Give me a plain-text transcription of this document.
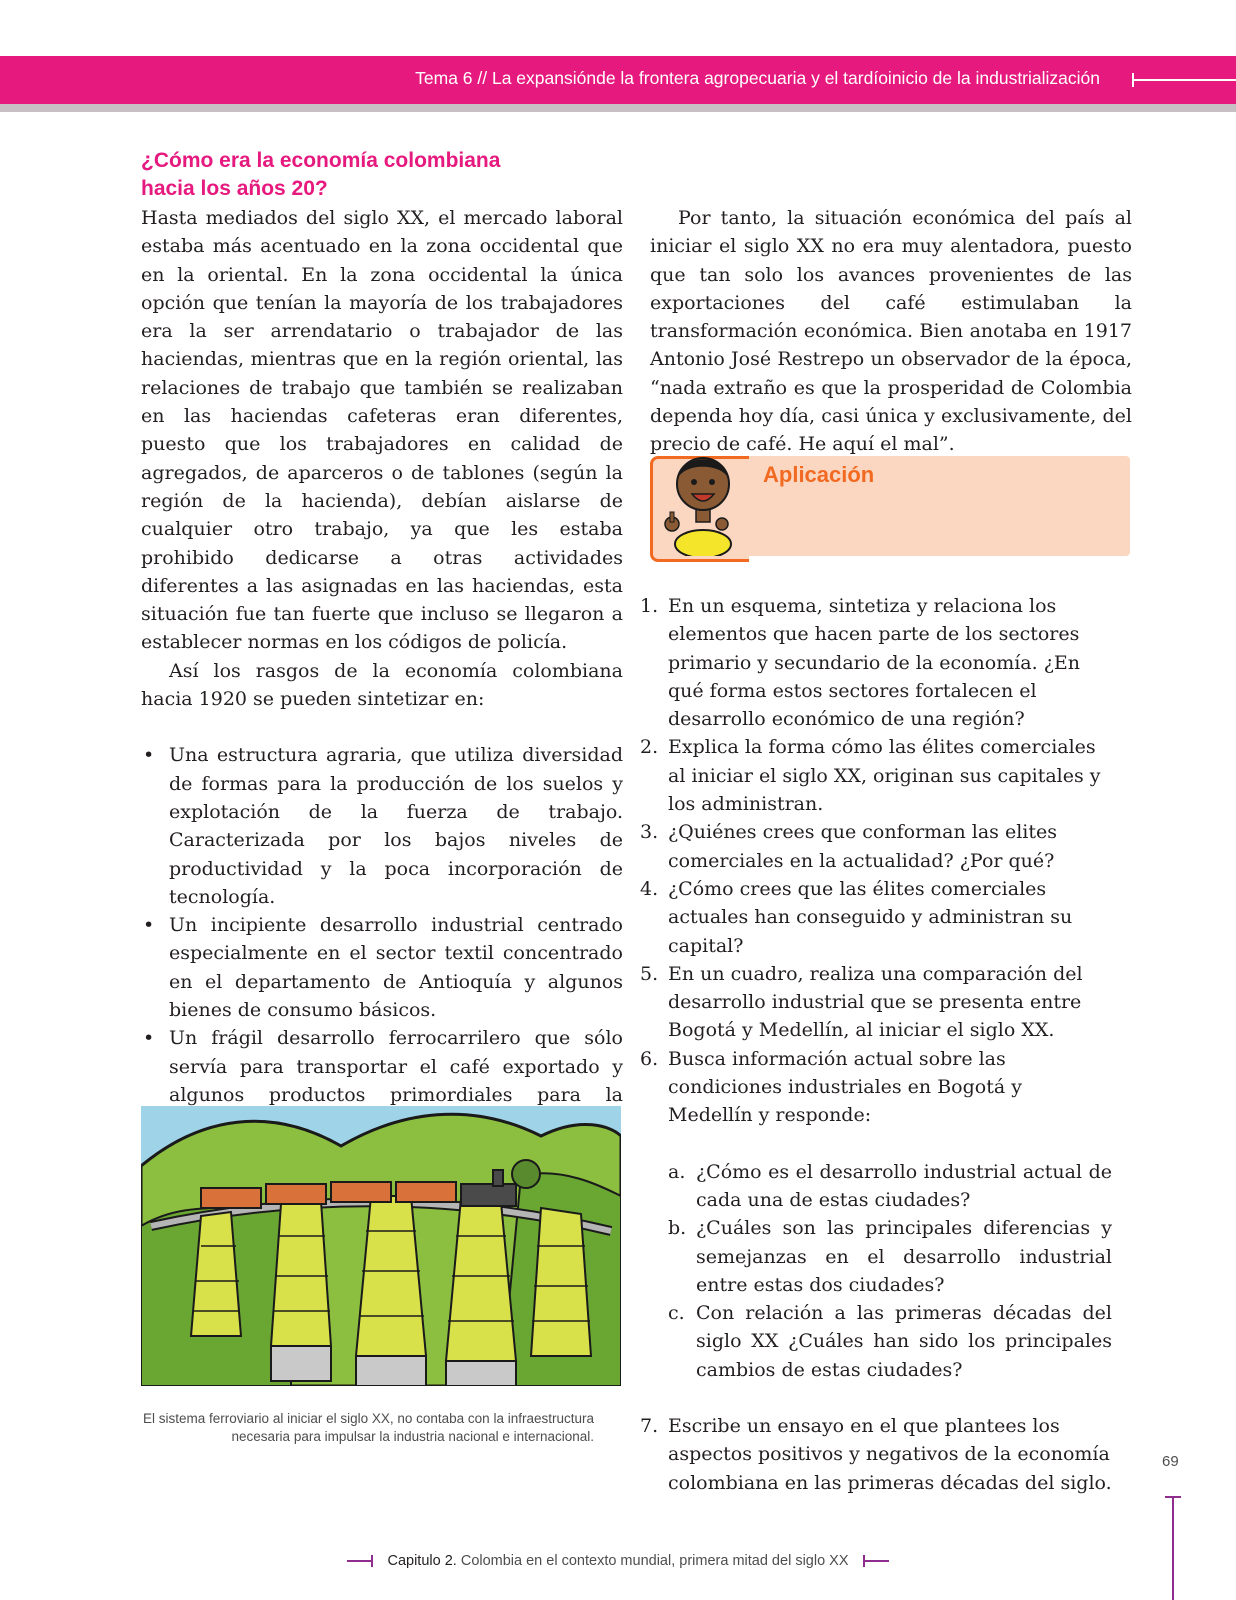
Tema 6 // La expansiónde la frontera agropecuaria y el tardíoinicio de la industrialización
¿Cómo era la economía colombiana hacia los años 20?

Hasta mediados del siglo XX, el mercado laboral estaba más acentuado en la zona occidental que en la oriental. En la zona occidental la única opción que tenían la mayoría de los trabajadores era la ser arrendatario o trabajador de las haciendas, mientras que en la región oriental, las relaciones de trabajo que también se realizaban en las haciendas cafeteras eran diferentes, puesto que los trabajadores en calidad de agregados, de aparceros o de tablones (según la región de la hacienda), debían aislarse de cualquier otro trabajo, ya que les estaba prohibido dedicarse a otras actividades diferentes a las asignadas en las haciendas, esta situación fue tan fuerte que incluso se llegaron a establecer normas en los códigos de policía.

Así los rasgos de la economía colombiana hacia 1920 se pueden sintetizar en:

• Una estructura agraria, que utiliza diversidad de formas para la producción de los suelos y explotación de la fuerza de trabajo. Caracterizada por los bajos niveles de productividad y la poca incorporación de tecnología.
• Un incipiente desarrollo industrial centrado especialmente en el sector textil concentrado en el departamento de Antioquía y algunos bienes de consumo básicos.
• Un frágil desarrollo ferrocarrilero que sólo servía para transportar el café exportado y algunos productos primordiales para la
El sistema ferroviario al iniciar el siglo XX, no contaba con la infraestructura necesaria para impulsar la industria nacional e internacional.

Por tanto, la situación económica del país al iniciar el siglo XX no era muy alentadora, puesto que tan solo los avances provenientes de las exportaciones del café estimulaban la transformación económica. Bien anotaba en 1917 Antonio José Restrepo un observador de la época, “nada extraño es que la prosperidad de Colombia dependa hoy día, casi única y exclusivamente, del precio de café. He aquí el mal”.

Aplicación
1. En un esquema, sintetiza y relaciona los elementos que hacen parte de los sectores primario y secundario de la economía. ¿En qué forma estos sectores fortalecen el desarrollo económico de una región?
2. Explica la forma cómo las élites comerciales al iniciar el siglo XX, originan sus capitales y los administran.
3. ¿Quiénes crees que conforman las elites comerciales en la actualidad? ¿Por qué?
4. ¿Cómo crees que las élites comerciales actuales han conseguido y administran su capital?
5. En un cuadro, realiza una comparación del desarrollo industrial que se presenta entre Bogotá y Medellín, al iniciar el siglo XX.
6. Busca información actual sobre las condiciones industriales en Bogotá y Medellín y responde:
a. ¿Cómo es el desarrollo industrial actual de cada una de estas ciudades?
b. ¿Cuáles son las principales diferencias y semejanzas en el desarrollo industrial entre estas dos ciudades?
c. Con relación a las primeras décadas del siglo XX ¿Cuáles han sido los principales cambios de estas ciudades?
7. Escribe un ensayo en el que plantees los aspectos positivos y negativos de la economía colombiana en las primeras décadas del siglo.
69
Capitulo 2. Colombia en el contexto mundial, primera mitad del siglo XX
